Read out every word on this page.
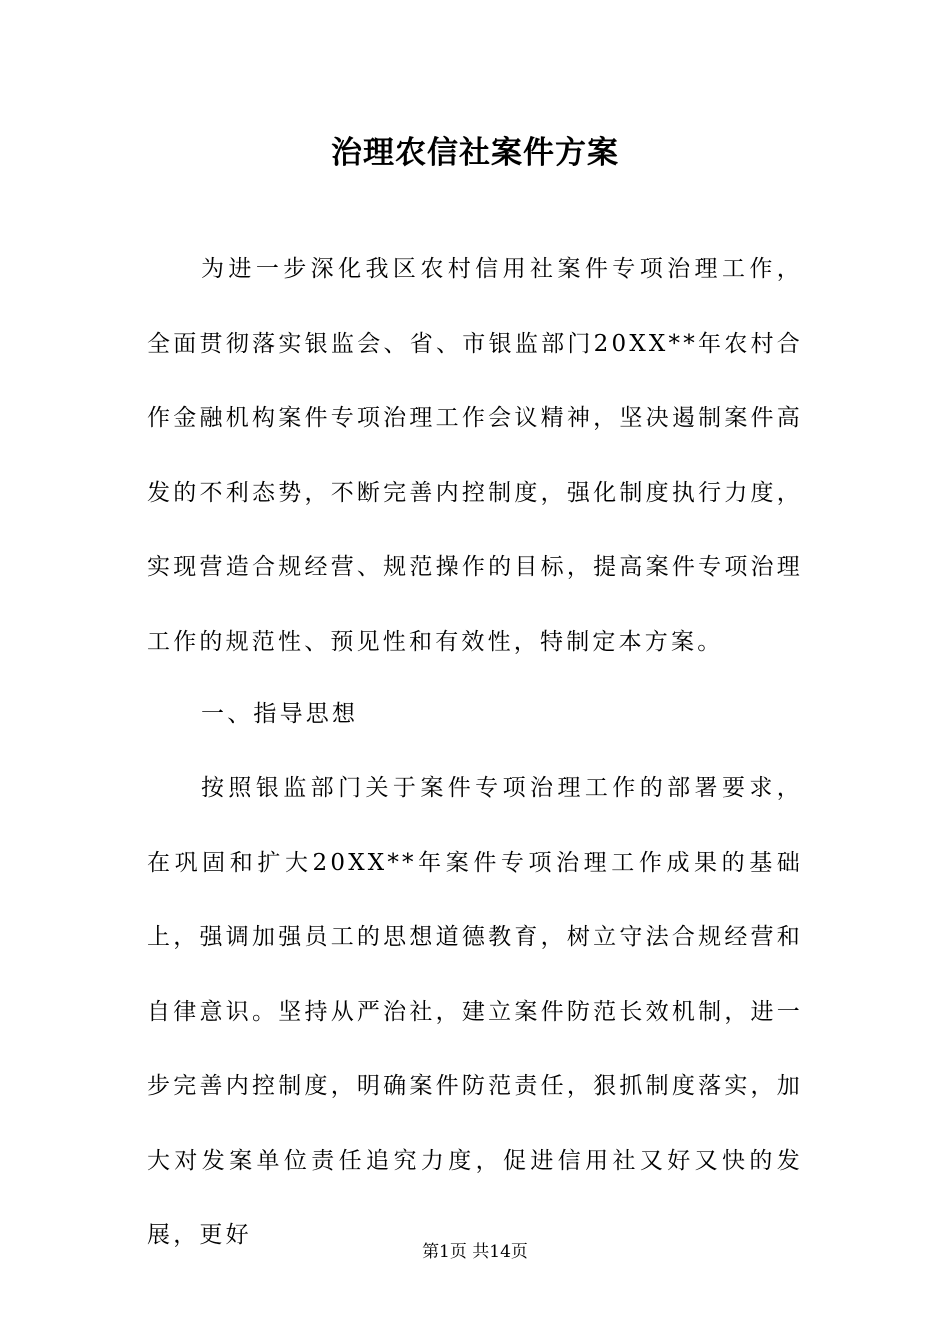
治理农信社案件方案

为进一步深化我区农村信用社案件专项治理工作，全面贯彻落实银监会、省、市银监部门20XX**年农村合作金融机构案件专项治理工作会议精神，坚决遏制案件高发的不利态势，不断完善内控制度，强化制度执行力度，实现营造合规经营、规范操作的目标，提高案件专项治理工作的规范性、预见性和有效性，特制定本方案。

一、指导思想

按照银监部门关于案件专项治理工作的部署要求，在巩固和扩大20XX**年案件专项治理工作成果的基础上，强调加强员工的思想道德教育，树立守法合规经营和自律意识。坚持从严治社，建立案件防范长效机制，进一步完善内控制度，明确案件防范责任，狠抓制度落实，加大对发案单位责任追究力度，促进信用社又好又快的发展，更好

第1页 共14页
